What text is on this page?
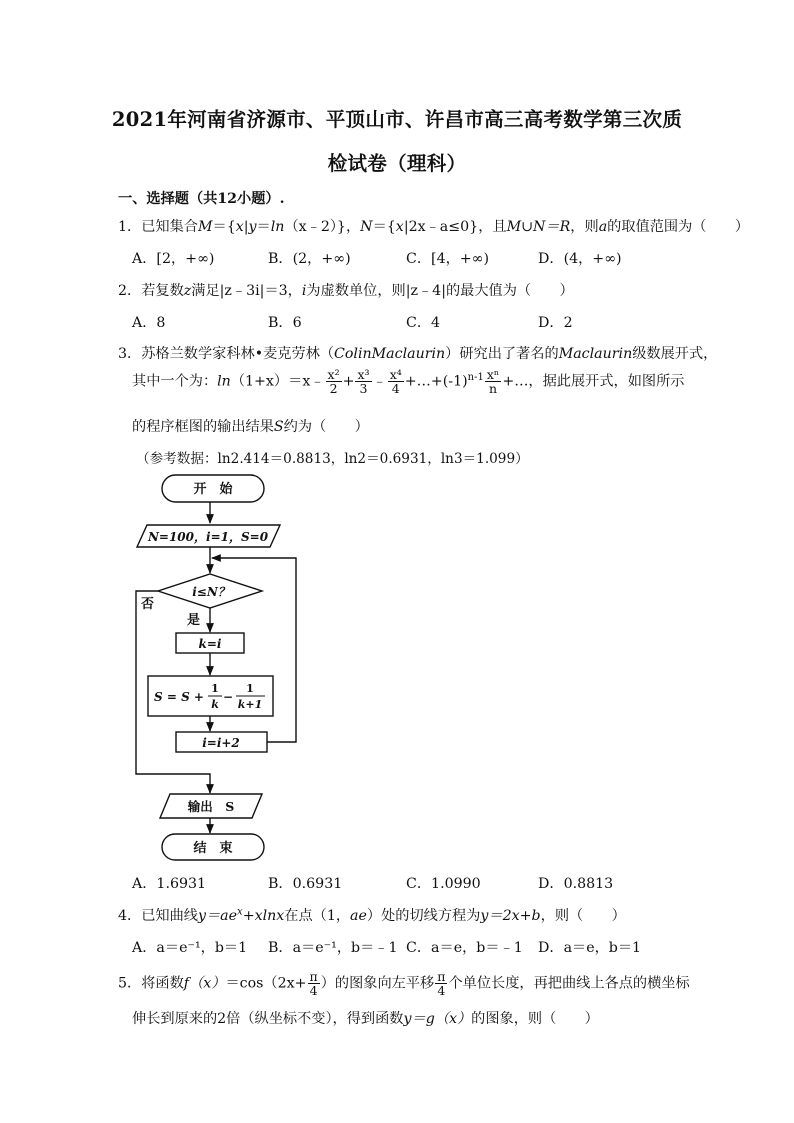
2021年河南省济源市、平顶山市、许昌市高三高考数学第三次质
检试卷（理科）
一、选择题（共12小题）.
1．已知集合M＝{x|y＝ln（x﹣2）}，N＝{x|2x﹣a≤0}，且M∪N＝R，则a的取值范围为（　　）
A．[2，+∞)	B．(2，+∞)	C．[4，+∞)	D．(4，+∞)
2．若复数z满足|z﹣3i|＝3，i为虚数单位，则|z﹣4|的最大值为（　　）
A．8	B．6	C．4	D．2
3．苏格兰数学家科林•麦克劳林（ColinMaclaurin）研究出了著名的Maclaurin级数展开式，
其中一个为：ln（1+x）＝x﹣ $\frac{\text{x²}}{2} + \frac{\text{x³}}{3}$ ﹣ $\frac{\text{x⁴}}{4}$ $+\dots+(-1)^{n-1} \frac{\text{xⁿ}}{n}$ +…，据此展开式，如图所示
的程序框图的输出结果S约为（　　）
（参考数据：ln2.414＝0.8813，ln2＝0.6931，ln3＝1.099）
开　始
N=100，i=1，S=0
i≤N？
否
是
k=i
S = S +
1
k
−
1
k+1
i=i+2
输出　S
结　束
A．1.6931	B．0.6931	C．1.0990	D．0.8813
4．已知曲线$y=ae^x+xlnx$在点（1，ae）处的切线方程为y＝2x+b，则（　　）
A．a＝e⁻¹，b＝1 B．a＝e⁻¹，b＝﹣1 C．a＝e，b＝﹣1 D．a＝e，b＝1
5．将函数$f(x)=\cos(2x+ \frac{\pi}{4}$ ）的图象向左平移 $\frac{\pi}{4}$ 个单位长度，再把曲线上各点的横坐标
伸长到原来的2倍（纵坐标不变），得到函数y＝g（x）的图象，则（　　）
